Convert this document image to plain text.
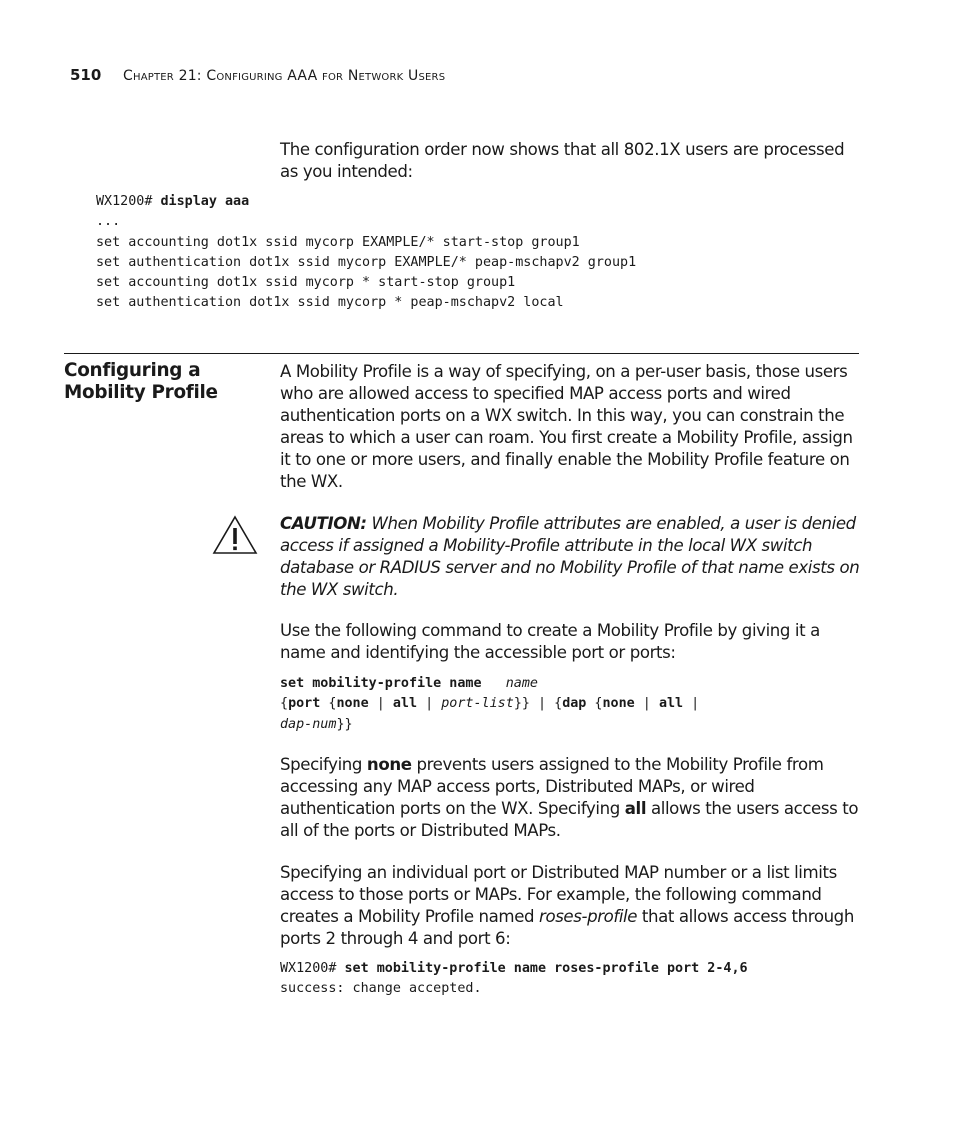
510 Chapter 21: Configuring AAA for Network Users
The configuration order now shows that all 802.1X users are processed
as you intended:
WX1200# display aaa
...
set accounting dot1x ssid mycorp EXAMPLE/* start-stop group1
set authentication dot1x ssid mycorp EXAMPLE/* peap-mschapv2 group1
set accounting dot1x ssid mycorp * start-stop group1
set authentication dot1x ssid mycorp * peap-mschapv2 local
Configuring a
Mobility Profile
A Mobility Profile is a way of specifying, on a per-user basis, those users
who are allowed access to specified MAP access ports and wired
authentication ports on a WX switch. In this way, you can constrain the
areas to which a user can roam. You first create a Mobility Profile, assign
it to one or more users, and finally enable the Mobility Profile feature on
the WX.
CAUTION: When Mobility Profile attributes are enabled, a user is denied
access if assigned a Mobility-Profile attribute in the local WX switch
database or RADIUS server and no Mobility Profile of that name exists on
the WX switch.
Use the following command to create a Mobility Profile by giving it a
name and identifying the accessible port or ports:
set mobility-profile name name
{port {none | all | port-list}} | {dap {none | all |
dap-num}}
Specifying none prevents users assigned to the Mobility Profile from
accessing any MAP access ports, Distributed MAPs, or wired
authentication ports on the WX. Specifying all allows the users access to
all of the ports or Distributed MAPs.
Specifying an individual port or Distributed MAP number or a list limits
access to those ports or MAPs. For example, the following command
creates a Mobility Profile named roses-profile that allows access through
ports 2 through 4 and port 6:
WX1200# set mobility-profile name roses-profile port 2-4,6
success: change accepted.
